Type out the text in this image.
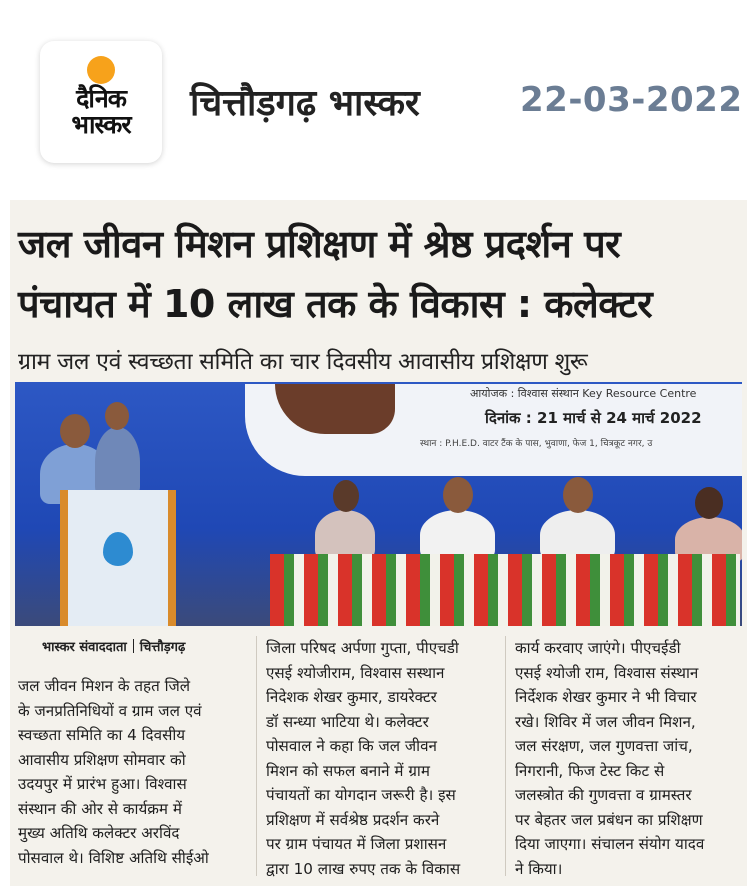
दैनिक
भास्कर
चित्तौड़गढ़ भास्कर	22-03-2022
जल जीवन मिशन प्रशिक्षण में श्रेष्ठ प्रदर्शन पर
पंचायत में 10 लाख तक के विकास : कलेक्टर
ग्राम जल एवं स्वच्छता समिति का चार दिवसीय आवासीय प्रशिक्षण शुरू
आयोजक : विश्वास संस्थान Key Resource Centre
दिनांक : 21 मार्च से 24 मार्च 2022
स्थान : P.H.E.D. वाटर टैंक के पास, भुवाणा, फेज 1, चित्रकूट नगर, उ
भास्कर संवाददाता चित्तौड़गढ़
जल जीवन मिशन के तहत जिले
के जनप्रतिनिधियों व ग्राम जल एवं
स्वच्छता समिति का 4 दिवसीय
आवासीय प्रशिक्षण सोमवार को
उदयपुर में प्रारंभ हुआ। विश्वास
संस्थान की ओर से कार्यक्रम में
मुख्य अतिथि कलेक्टर अरविंद
पोसवाल थे। विशिष्ट अतिथि सीईओ
जिला परिषद अर्पणा गुप्ता, पीएचडी
एसई श्योजीराम, विश्वास सस्थान
निदेशक शेखर कुमार, डायरेक्टर
डॉ सन्ध्या भाटिया थे। कलेक्टर
पोसवाल ने कहा कि जल जीवन
मिशन को सफल बनाने में ग्राम
पंचायतों का योगदान जरूरी है। इस
प्रशिक्षण में सर्वश्रेष्ठ प्रदर्शन करने
पर ग्राम पंचायत में जिला प्रशासन
द्वारा 10 लाख रुपए तक के विकास
कार्य करवाए जाएंगे। पीएचईडी
एसई श्योजी राम, विश्वास संस्थान
निर्देशक शेखर कुमार ने भी विचार
रखे। शिविर में जल जीवन मिशन,
जल संरक्षण, जल गुणवत्ता जांच,
निगरानी, फिज टेस्ट किट से
जलस्त्रोत की गुणवत्ता व ग्रामस्तर
पर बेहतर जल प्रबंधन का प्रशिक्षण
दिया जाएगा। संचालन संयोग यादव
ने किया।
